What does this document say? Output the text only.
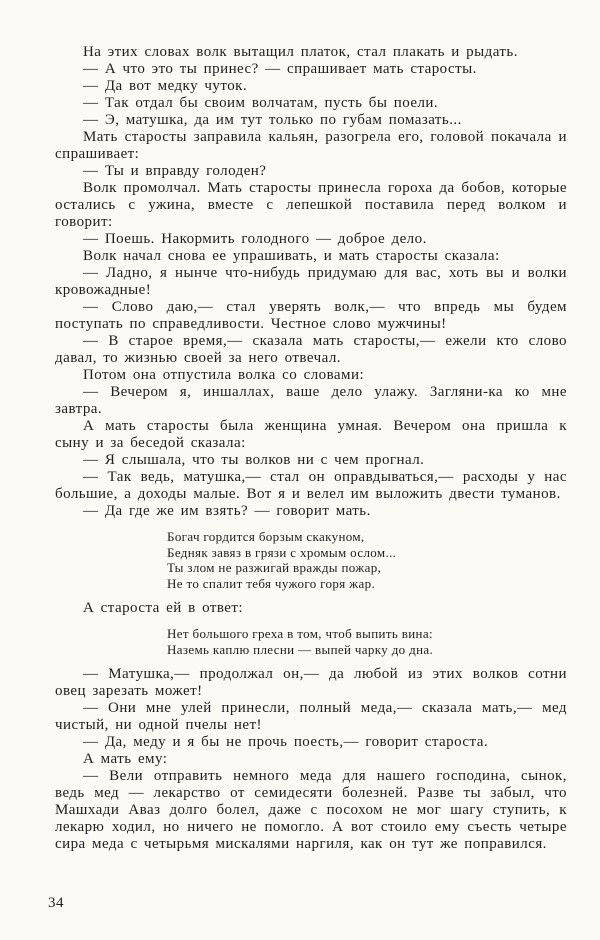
На этих словах волк вытащил платок, стал плакать и рыдать.

— А что это ты принес? — спрашивает мать старосты.

— Да вот медку чуток.

— Так отдал бы своим волчатам, пусть бы поели.

— Э, матушка, да им тут только по губам помазать...

Мать старосты заправила кальян, разогрела его, головой покачала и спрашивает:

— Ты и вправду голоден?

Волк промолчал. Мать старосты принесла гороха да бобов, которые остались с ужина, вместе с лепешкой поставила перед волком и говорит:

— Поешь. Накормить голодного — доброе дело.

Волк начал снова ее упрашивать, и мать старосты сказала:

— Ладно, я нынче что-нибудь придумаю для вас, хоть вы и волки кровожадные!

— Слово даю,— стал уверять волк,— что впредь мы будем поступать по справедливости. Честное слово мужчины!

— В старое время,— сказала мать старосты,— ежели кто слово давал, то жизнью своей за него отвечал.

Потом она отпустила волка со словами:

— Вечером я, иншаллах, ваше дело улажу. Загляни-ка ко мне завтра.

А мать старосты была женщина умная. Вечером она пришла к сыну и за беседой сказала:

— Я слышала, что ты волков ни с чем прогнал.

— Так ведь, матушка,— стал он оправдываться,— расходы у нас большие, а доходы малые. Вот я и велел им выложить двести туманов.

— Да где же им взять? — говорит мать.

Богач гордится борзым скакуном,
Бедняк завяз в грязи с хромым ослом...
Ты злом не разжигай вражды пожар,
Не то спалит тебя чужого горя жар.

А староста ей в ответ:

Нет большого греха в том, чтоб выпить вина:
Наземь каплю плесни — выпей чарку до дна.

— Матушка,— продолжал он,— да любой из этих волков сотни овец зарезать может!

— Они мне улей принесли, полный меда,— сказала мать,— мед чистый, ни одной пчелы нет!

— Да, меду и я бы не прочь поесть,— говорит староста.

А мать ему:

— Вели отправить немного меда для нашего господина, сынок, ведь мед — лекарство от семидесяти болезней. Разве ты забыл, что Машхади Аваз долго болел, даже с посохом не мог шагу ступить, к лекарю ходил, но ничего не помогло. А вот стоило ему съесть четыре сира меда с четырьмя мискалями наргиля, как он тут же поправился.

34
